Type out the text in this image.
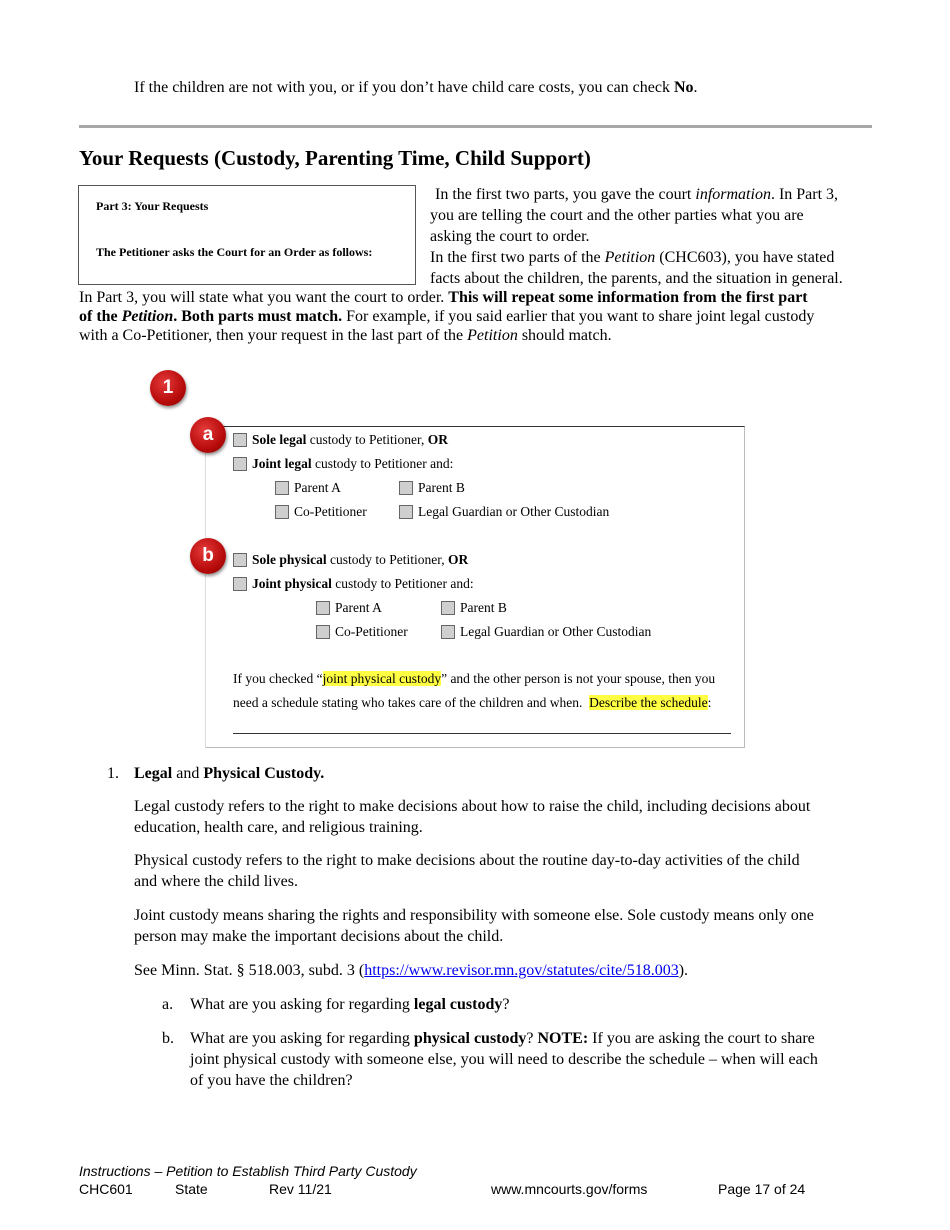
If the children are not with you, or if you don’t have child care costs, you can check No.
Your Requests (Custody, Parenting Time, Child Support)
Part 3: Your Requests
The Petitioner asks the Court for an Order as follows:
In the first two parts, you gave the court information. In Part 3,
you are telling the court and the other parties what you are
asking the court to order.
In the first two parts of the Petition (CHC603), you have stated
facts about the children, the parents, and the situation in general.
In Part 3, you will state what you want the court to order. This will repeat some information from the first part
of the Petition. Both parts must match. For example, if you said earlier that you want to share joint legal custody
with a Co-Petitioner, then your request in the last part of the Petition should match.
1
a
b
Sole legal custody to Petitioner, OR
Joint legal custody to Petitioner and:
Parent A	Parent B
Co-Petitioner	Legal Guardian or Other Custodian
Sole physical custody to Petitioner, OR
Joint physical custody to Petitioner and:
Parent A	Parent B
Co-Petitioner	Legal Guardian or Other Custodian
If you checked “joint physical custody” and the other person is not your spouse, then you
need a schedule stating who takes care of the children and when.  Describe the schedule:
1. Legal and Physical Custody.
Legal custody refers to the right to make decisions about how to raise the child, including decisions about
education, health care, and religious training.
Physical custody refers to the right to make decisions about the routine day-to-day activities of the child
and where the child lives.
Joint custody means sharing the rights and responsibility with someone else. Sole custody means only one
person may make the important decisions about the child.
See Minn. Stat. § 518.003, subd. 3 (https://www.revisor.mn.gov/statutes/cite/518.003).
a. What are you asking for regarding legal custody?
b. What are you asking for regarding physical custody? NOTE: If you are asking the court to share
joint physical custody with someone else, you will need to describe the schedule – when will each
of you have the children?
Instructions – Petition to Establish Third Party Custody
CHC601	State	Rev 11/21	www.mncourts.gov/forms	Page 17 of 24
